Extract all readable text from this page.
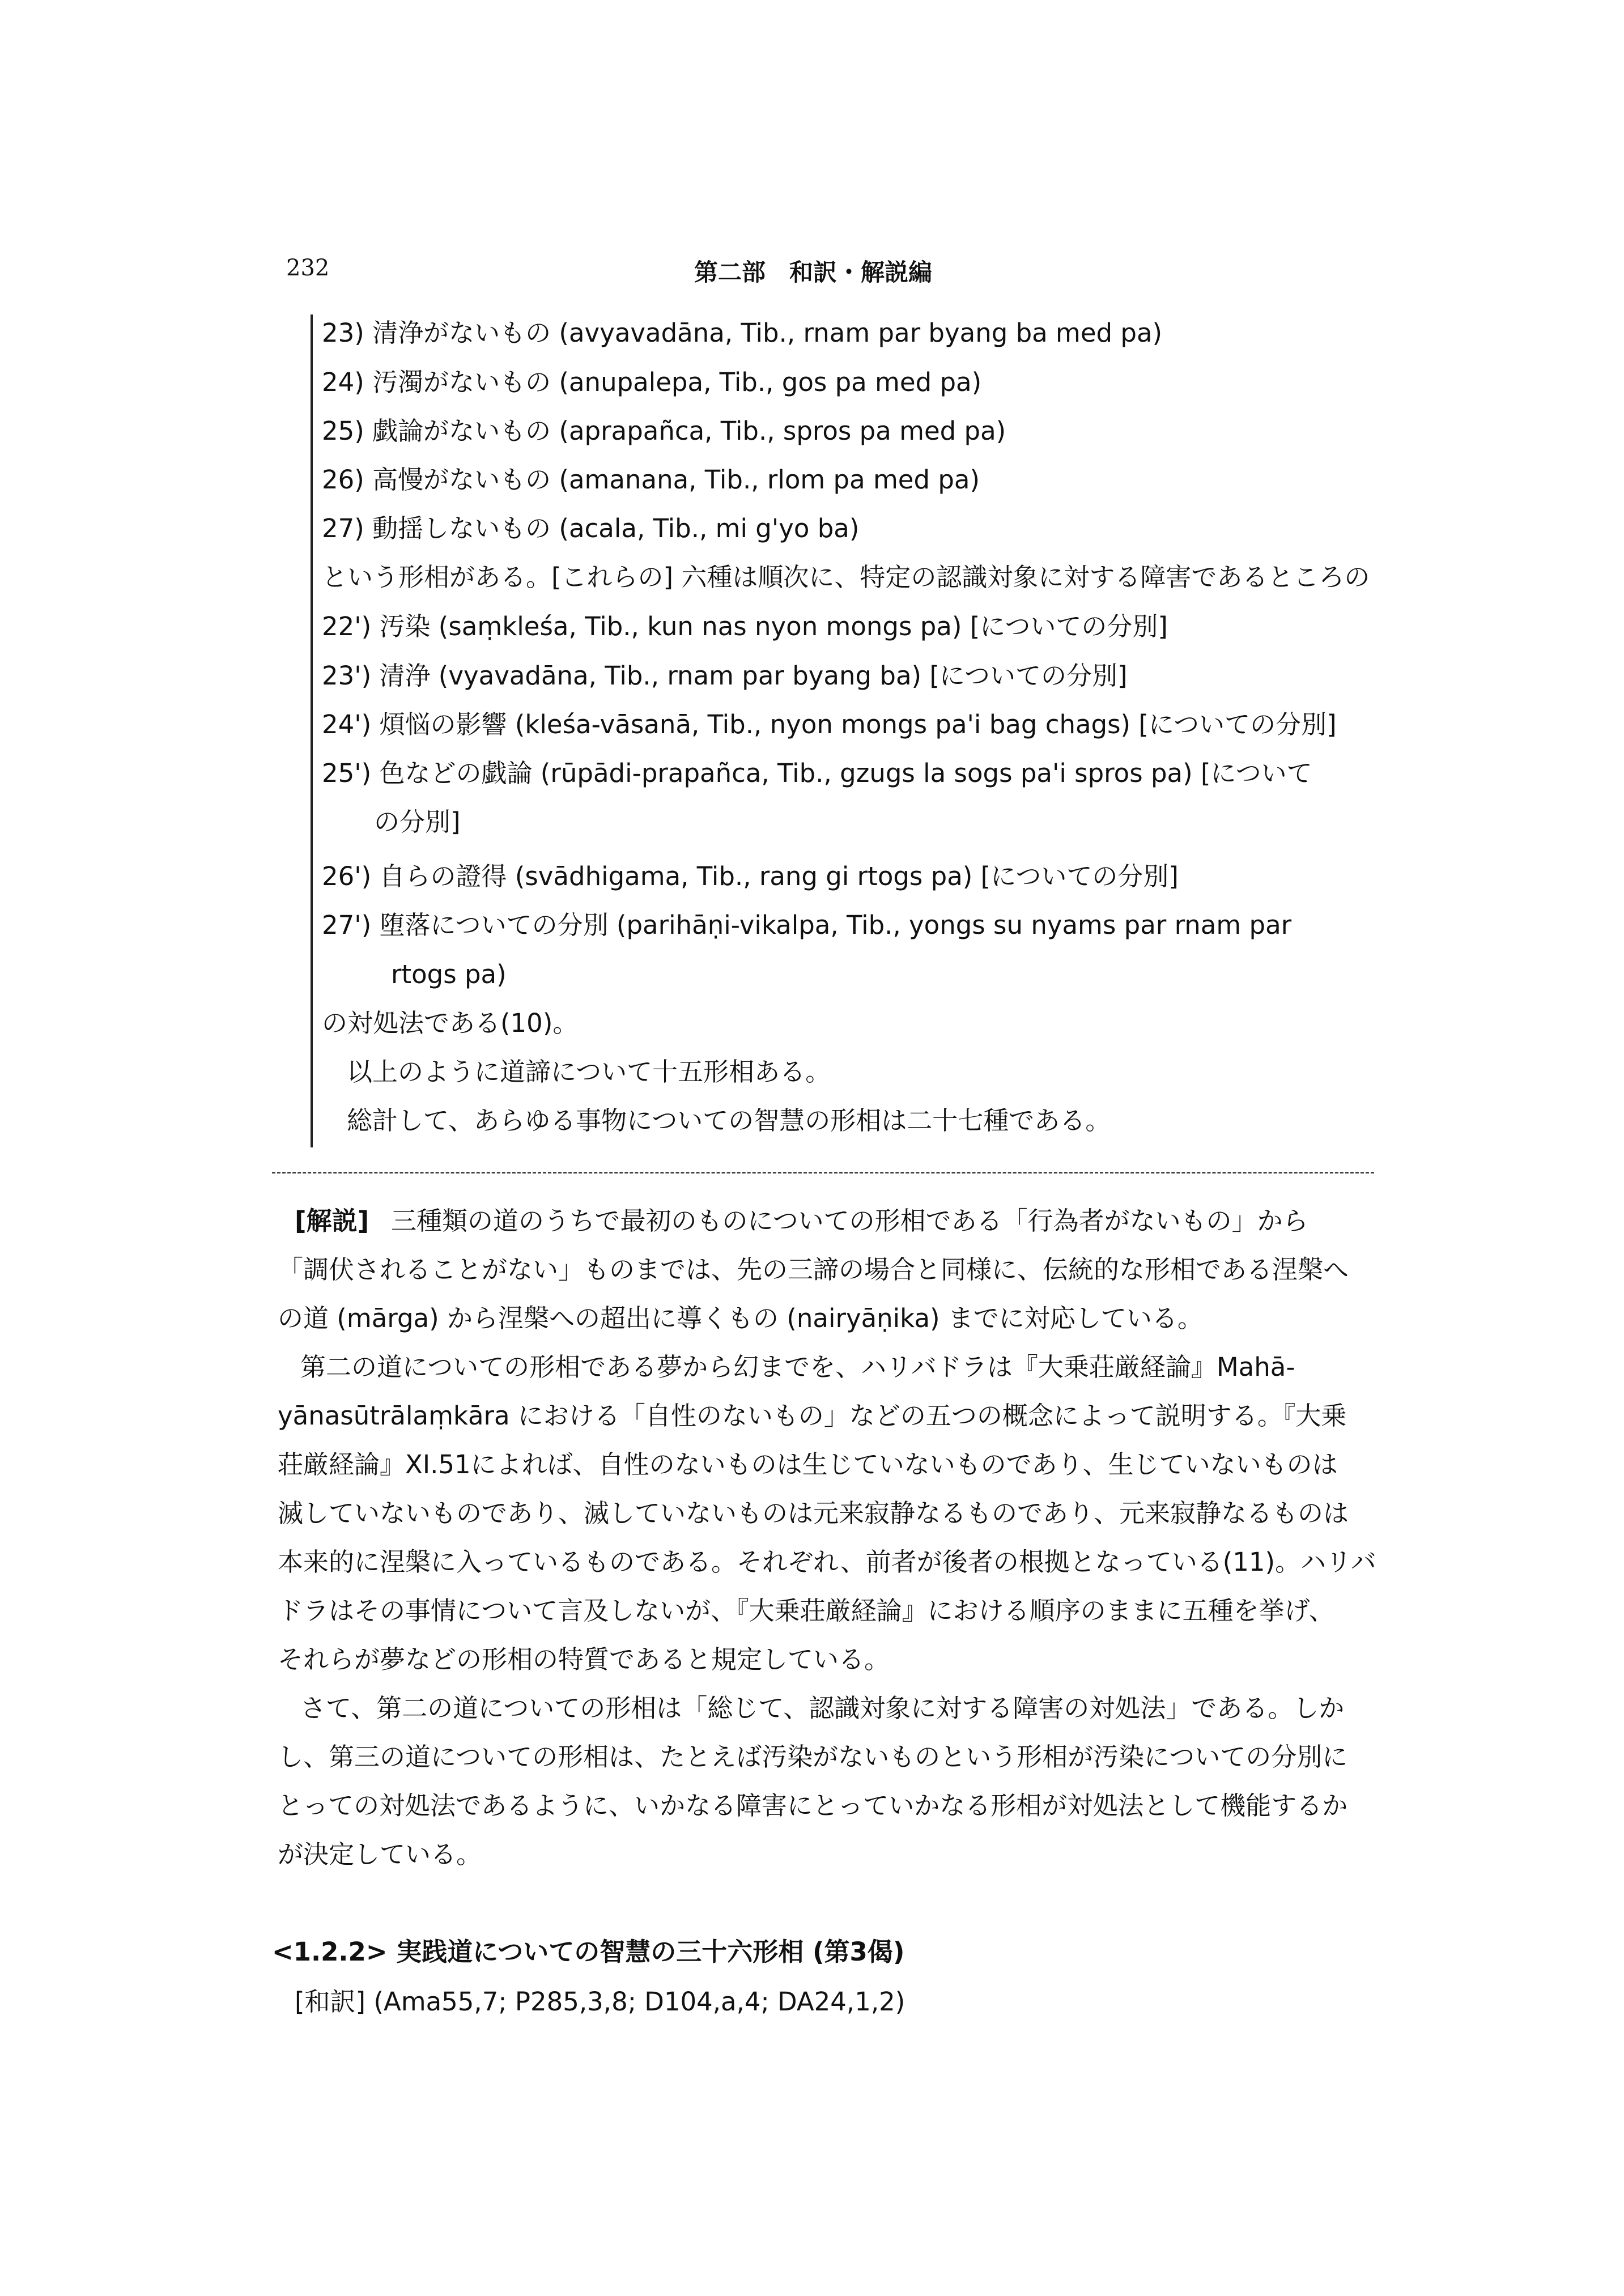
232	第二部　和訳・解説編
23) 清浄がないもの (avyavadāna, Tib., rnam par byang ba med pa)
24) 汚濁がないもの (anupalepa, Tib., gos pa med pa)
25) 戯論がないもの (aprapañca, Tib., spros pa med pa)
26) 高慢がないもの (amanana, Tib., rlom pa med pa)
27) 動揺しないもの (acala, Tib., mi g'yo ba)
という形相がある。[これらの] 六種は順次に、特定の認識対象に対する障害であるところの
22') 汚染 (saṃkleśa, Tib., kun nas nyon mongs pa) [についての分別]
23') 清浄 (vyavadāna, Tib., rnam par byang ba) [についての分別]
24') 煩悩の影響 (kleśa-vāsanā, Tib., nyon mongs pa'i bag chags) [についての分別]
25') 色などの戯論 (rūpādi-prapañca, Tib., gzugs la sogs pa'i spros pa) [について
の分別]
26') 自らの證得 (svādhigama, Tib., rang gi rtogs pa) [についての分別]
27') 堕落についての分別 (parihāṇi-vikalpa, Tib., yongs su nyams par rnam par
rtogs pa)
の対処法である(10)。
以上のように道諦について十五形相ある。
総計して、あらゆる事物についての智慧の形相は二十七種である。
[解説] 三種類の道のうちで最初のものについての形相である「行為者がないもの」から
「調伏されることがない」ものまでは、先の三諦の場合と同様に、伝統的な形相である涅槃へ
の道 (mārga) から涅槃への超出に導くもの (nairyāṇika) までに対応している。
第二の道についての形相である夢から幻までを、ハリバドラは『大乗荘厳経論』Mahā-
yānasūtrālaṃkāra における「自性のないもの」などの五つの概念によって説明する。『大乗
荘厳経論』XI.51によれば、自性のないものは生じていないものであり、生じていないものは
滅していないものであり、滅していないものは元来寂静なるものであり、元来寂静なるものは
本来的に涅槃に入っているものである。それぞれ、前者が後者の根拠となっている(11)。ハリバ
ドラはその事情について言及しないが、『大乗荘厳経論』における順序のままに五種を挙げ、
それらが夢などの形相の特質であると規定している。
さて、第二の道についての形相は「総じて、認識対象に対する障害の対処法」である。しか
し、第三の道についての形相は、たとえば汚染がないものという形相が汚染についての分別に
とっての対処法であるように、いかなる障害にとっていかなる形相が対処法として機能するか
が決定している。
<1.2.2> 実践道についての智慧の三十六形相 (第3偈)
[和訳] (Ama55,7; P285,3,8; D104,a,4; DA24,1,2)
